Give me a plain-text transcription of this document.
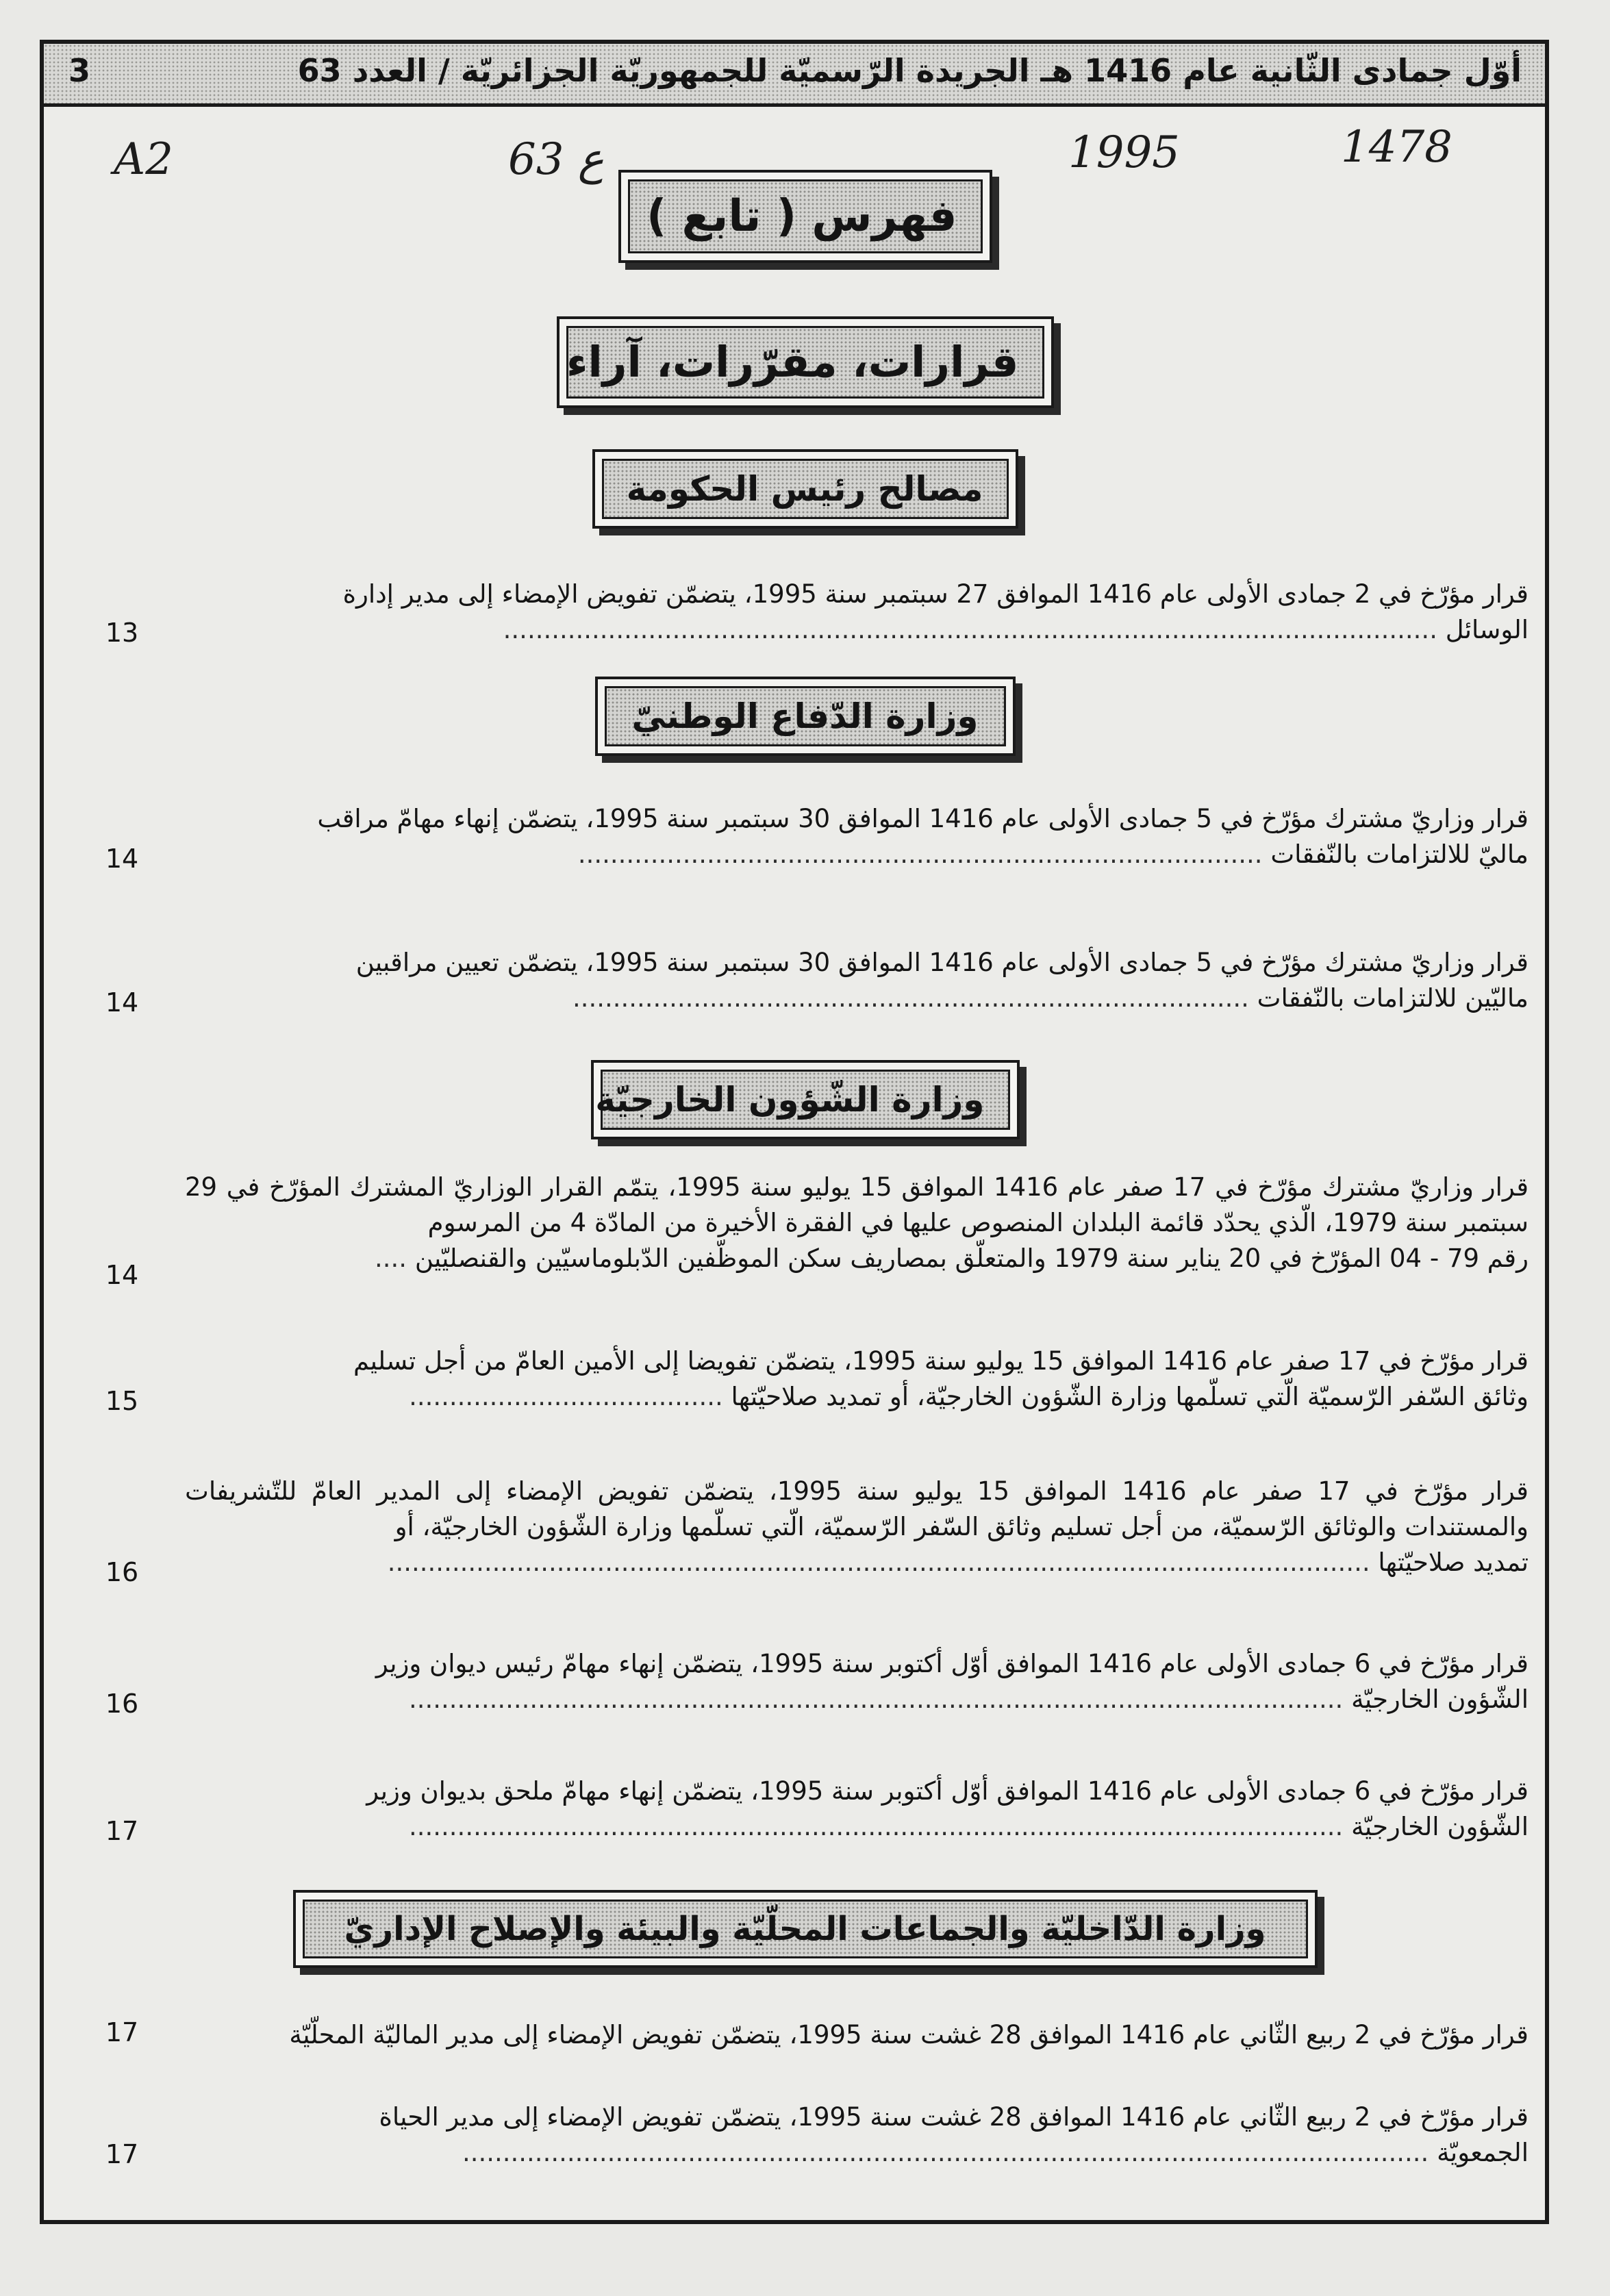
3	أوّل جمادى الثّانية عام 1416 هـ الجريدة الرّسميّة للجمهوريّة الجزائريّة / العدد 63
A2	63 ع	1995	1478
فهرس ( تابع )
قرارات، مقرّرات، آراء
مصالح رئيس الحكومة
وزارة الدّفاع الوطنيّ
وزارة الشّؤون الخارجيّة
وزارة الدّاخليّة والجماعات المحلّيّة والبيئة والإصلاح الإداريّ
قرار مؤرّخ في 2 جمادى الأولى عام 1416 الموافق 27 سبتمبر سنة 1995، يتضمّن تفويض الإمضاء إلى مدير إدارة
الوسائل ....................................................................................................................
13
قرار وزاريّ مشترك مؤرّخ في 5 جمادى الأولى عام 1416 الموافق 30 سبتمبر سنة 1995، يتضمّن إنهاء مهامّ مراقب
ماليّ للالتزامات بالنّفقات .....................................................................................
14
قرار وزاريّ مشترك مؤرّخ في 5 جمادى الأولى عام 1416 الموافق 30 سبتمبر سنة 1995، يتضمّن تعيين مراقبين
ماليّين للالتزامات بالنّفقات ....................................................................................
14
قرار وزاريّ مشترك مؤرّخ في 17 صفر عام 1416 الموافق 15 يوليو سنة 1995، يتمّم القرار الوزاريّ المشترك المؤرّخ في 29 سبتمبر سنة 1979، الّذي يحدّد قائمة البلدان المنصوص عليها في الفقرة الأخيرة من المادّة 4 من المرسوم
رقم 79 - 04 المؤرّخ في 20 يناير سنة 1979 والمتعلّق بمصاريف سكن الموظّفين الدّبلوماسيّين والقنصليّين ....
14
قرار مؤرّخ في 17 صفر عام 1416 الموافق 15 يوليو سنة 1995، يتضمّن تفويضا إلى الأمين العامّ من أجل تسليم
وثائق السّفر الرّسميّة الّتي تسلّمها وزارة الشّؤون الخارجيّة، أو تمديد صلاحيّتها .......................................
15
قرار مؤرّخ في 17 صفر عام 1416 الموافق 15 يوليو سنة 1995، يتضمّن تفويض الإمضاء إلى المدير العامّ للتّشريفات والمستندات والوثائق الرّسميّة، من أجل تسليم وثائق السّفر الرّسميّة، الّتي تسلّمها وزارة الشّؤون الخارجيّة، أو
تمديد صلاحيّتها ..........................................................................................................................
16
قرار مؤرّخ في 6 جمادى الأولى عام 1416 الموافق أوّل أكتوبر سنة 1995، يتضمّن إنهاء مهامّ رئيس ديوان وزير
الشّؤون الخارجيّة ....................................................................................................................
16
قرار مؤرّخ في 6 جمادى الأولى عام 1416 الموافق أوّل أكتوبر سنة 1995، يتضمّن إنهاء مهامّ ملحق بديوان وزير
الشّؤون الخارجيّة ....................................................................................................................
17
قرار مؤرّخ في 2 ربيع الثّاني عام 1416 الموافق 28 غشت سنة 1995، يتضمّن تفويض الإمضاء إلى مدير الماليّة المحلّيّة
17
قرار مؤرّخ في 2 ربيع الثّاني عام 1416 الموافق 28 غشت سنة 1995، يتضمّن تفويض الإمضاء إلى مدير الحياة
الجمعويّة ........................................................................................................................
17
